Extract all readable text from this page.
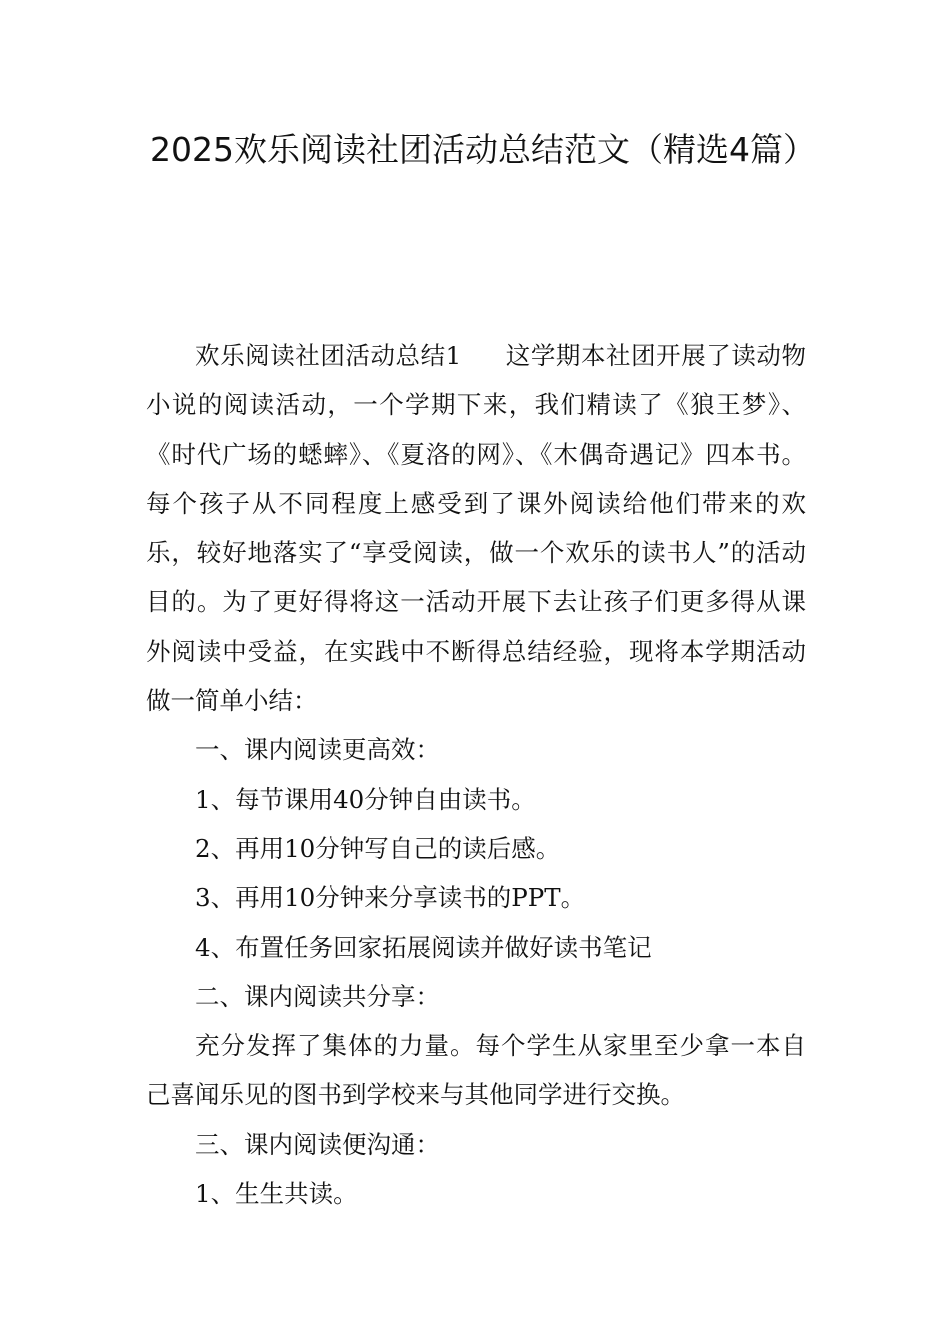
2025欢乐阅读社团活动总结范文（精选4篇）

欢乐阅读社团活动总结1 这学期本社团开展了读动物小说的阅读活动，一个学期下来，我们精读了《狼王梦》、《时代广场的蟋蟀》、《夏洛的网》、《木偶奇遇记》四本书。每个孩子从不同程度上感受到了课外阅读给他们带来的欢乐，较好地落实了“享受阅读，做一个欢乐的读书人”的活动目的。为了更好得将这一活动开展下去让孩子们更多得从课外阅读中受益，在实践中不断得总结经验，现将本学期活动做一简单小结：

一、课内阅读更高效：

1、每节课用40分钟自由读书。

2、再用10分钟写自己的读后感。

3、再用10分钟来分享读书的PPT。

4、布置任务回家拓展阅读并做好读书笔记

二、课内阅读共分享：

充分发挥了集体的力量。每个学生从家里至少拿一本自己喜闻乐见的图书到学校来与其他同学进行交换。

三、课内阅读便沟通：

1、生生共读。
